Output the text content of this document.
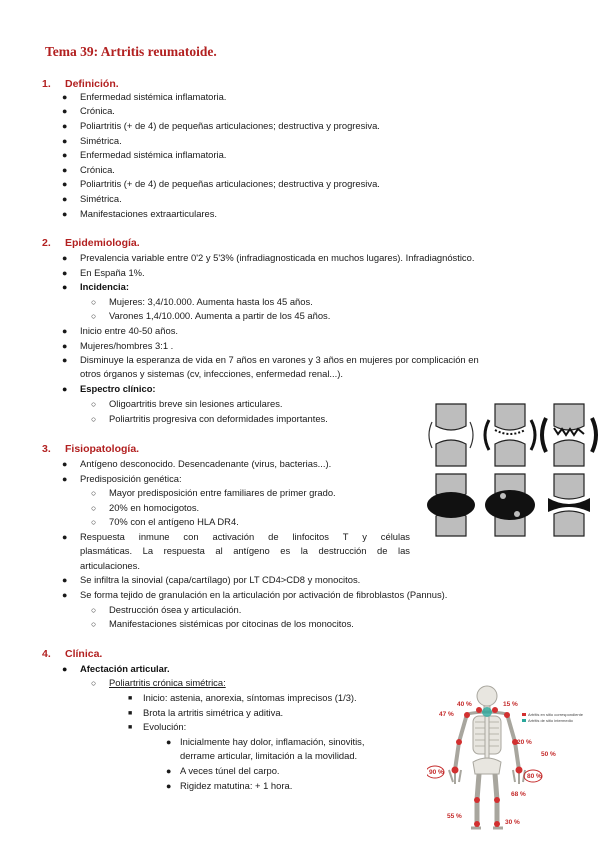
Tema 39: Artritis reumatoide.
1. Definición.
● Enfermedad sistémica inflamatoria.
● Crónica.
● Poliartritis (+ de 4) de pequeñas articulaciones; destructiva y progresiva.
● Simétrica.
● Enfermedad sistémica inflamatoria.
● Crónica.
● Poliartritis (+ de 4) de pequeñas articulaciones; destructiva y progresiva.
● Simétrica.
● Manifestaciones extraarticulares.
2. Epidemiología.
● Prevalencia variable entre 0'2 y 5'3% (infradiagnosticada en muchos lugares). Infradiagnóstico.
● En España 1%.
● Incidencia:
○ Mujeres: 3,4/10.000. Aumenta hasta los 45 años.
○ Varones 1,4/10.000. Aumenta a partir de los 45 años.
● Inicio entre 40-50 años.
● Mujeres/hombres 3:1 .
● Disminuye la esperanza de vida en 7 años en varones y 3 años en mujeres por complicación en
otros órganos y sistemas (cv, infecciones, enfermedad renal...).
● Espectro clínico:
○ Oligoartritis breve sin lesiones articulares.
○ Poliartritis progresiva con deformidades importantes.
3. Fisiopatología.
● Antígeno desconocido. Desencadenante (virus, bacterias...).
● Predisposición genética:
○ Mayor predisposición entre familiares de primer grado.
○ 20% en homocigotos.
○ 70% con el antígeno HLA DR4.
● Respuesta inmune con activación de linfocitos T y células
plasmáticas. La respuesta al antígeno es la destrucción de las
articulaciones.
● Se infiltra la sinovial (capa/cartílago) por LT CD4>CD8 y monocitos.
● Se forma tejido de granulación en la articulación por activación de fibroblastos (Pannus).
○ Destrucción ósea y articulación.
○ Manifestaciones sistémicas por citocinas de los monocitos.
4. Clínica.
● Afectación articular.
○ Poliartritis crónica simétrica:
■ Inicio: astenia, anorexia, síntomas imprecisos (1/3).
■ Brota la artritis simétrica y aditiva.
■ Evolución:
● Inicialmente hay dolor, inflamación, sinovitis,
derrame articular, limitación a la movilidad.
● A veces túnel del carpo.
● Rigidez matutina: + 1 hora.
Artritis en sitio correspondiente
Artritis de sitio intermedio
40 %	15 %
47 %
20 %
50 %
90 %
80 %
68 %
55 %
30 %
